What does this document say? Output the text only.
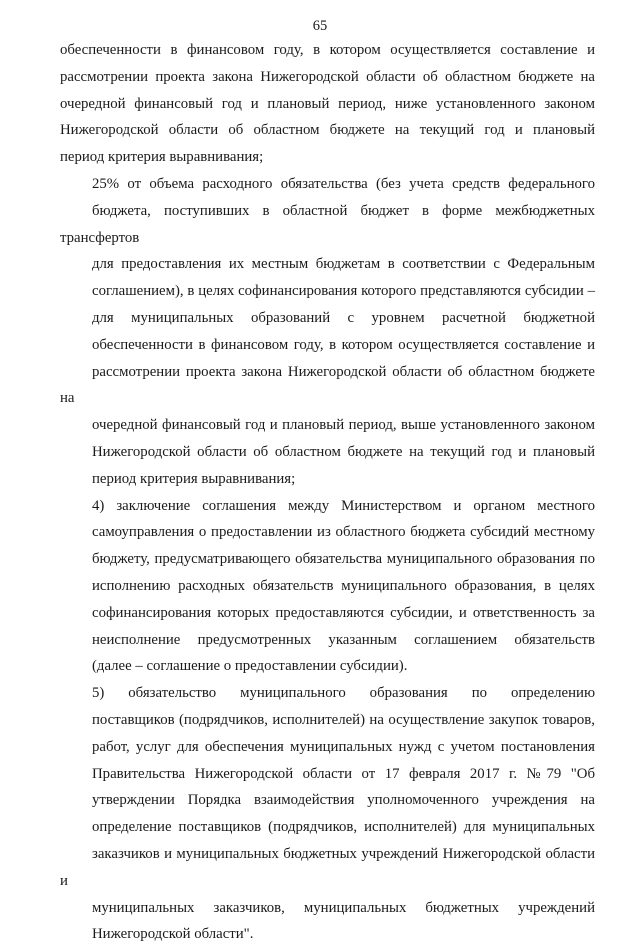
65

обеспеченности в финансовом году, в котором осуществляется составление и
рассмотрении проекта закона Нижегородской области об областном бюджете на
очередной финансовый год и плановый период, ниже установленного законом
Нижегородской области об областном бюджете на текущий год и плановый
период критерия выравнивания;

25% от объема расходного обязательства (без учета средств федерального
бюджета, поступивших в областной бюджет в форме межбюджетных трансфертов
для предоставления их местным бюджетам в соответствии с Федеральным
соглашением), в целях софинансирования которого представляются субсидии –
для муниципальных образований с уровнем расчетной бюджетной
обеспеченности в финансовом году, в котором осуществляется составление и
рассмотрении проекта закона Нижегородской области об областном бюджете на
очередной финансовый год и плановый период, выше установленного законом
Нижегородской области об областном бюджете на текущий год и плановый
период критерия выравнивания;

4) заключение соглашения между Министерством и органом местного
самоуправления о предоставлении из областного бюджета субсидий местному
бюджету, предусматривающего обязательства муниципального образования по
исполнению расходных обязательств муниципального образования, в целях
софинансирования которых предоставляются субсидии, и ответственность за
неисполнение предусмотренных указанным соглашением обязательств
(далее – соглашение о предоставлении субсидии).

5) обязательство муниципального образования по определению
поставщиков (подрядчиков, исполнителей) на осуществление закупок товаров,
работ, услуг для обеспечения муниципальных нужд с учетом постановления
Правительства Нижегородской области от 17 февраля 2017 г. №79 "Об
утверждении Порядка взаимодействия уполномоченного учреждения на
определение поставщиков (подрядчиков, исполнителей) для муниципальных
заказчиков и муниципальных бюджетных учреждений Нижегородской области и
муниципальных заказчиков, муниципальных бюджетных учреждений
Нижегородской области".
